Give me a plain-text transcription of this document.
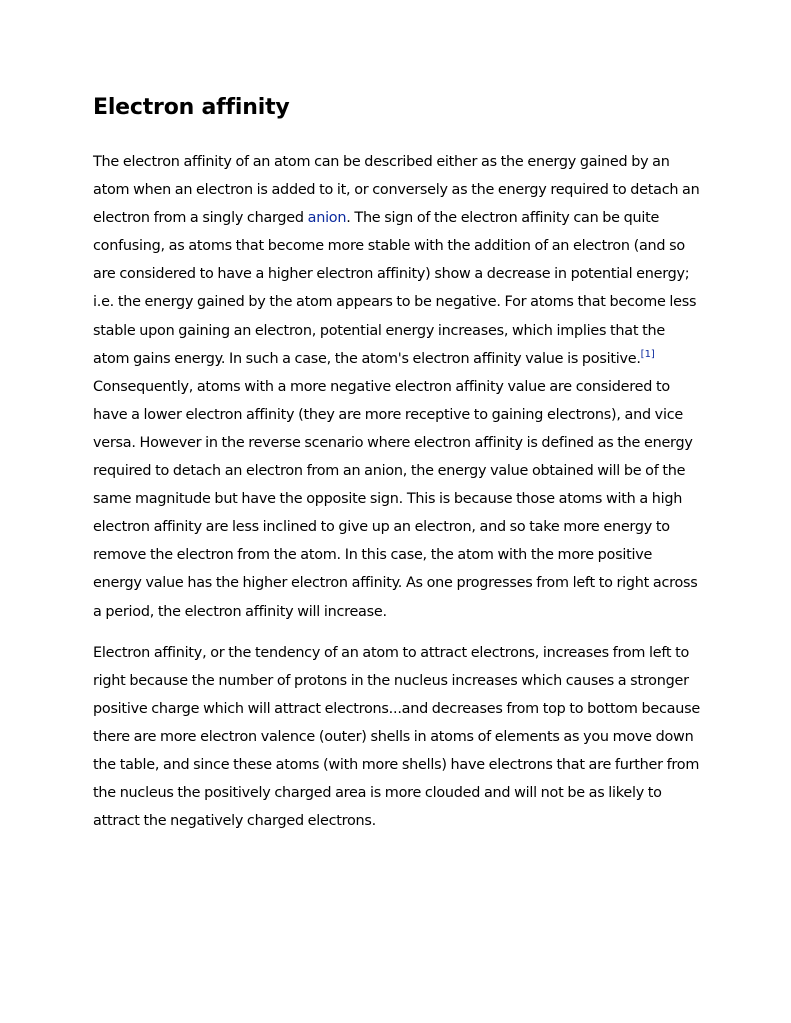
Electron affinity

The electron affinity of an atom can be described either as the energy gained by an atom when an electron is added to it, or conversely as the energy required to detach an electron from a singly charged anion. The sign of the electron affinity can be quite confusing, as atoms that become more stable with the addition of an electron (and so are considered to have a higher electron affinity) show a decrease in potential energy; i.e. the energy gained by the atom appears to be negative. For atoms that become less stable upon gaining an electron, potential energy increases, which implies that the atom gains energy. In such a case, the atom's electron affinity value is positive.[1] Consequently, atoms with a more negative electron affinity value are considered to have a lower electron affinity (they are more receptive to gaining electrons), and vice versa. However in the reverse scenario where electron affinity is defined as the energy required to detach an electron from an anion, the energy value obtained will be of the same magnitude but have the opposite sign. This is because those atoms with a high electron affinity are less inclined to give up an electron, and so take more energy to remove the electron from the atom. In this case, the atom with the more positive energy value has the higher electron affinity. As one progresses from left to right across a period, the electron affinity will increase.

Electron affinity, or the tendency of an atom to attract electrons, increases from left to right because the number of protons in the nucleus increases which causes a stronger positive charge which will attract electrons...and decreases from top to bottom because there are more electron valence (outer) shells in atoms of elements as you move down the table, and since these atoms (with more shells) have electrons that are further from the nucleus the positively charged area is more clouded and will not be as likely to attract the negatively charged electrons.
